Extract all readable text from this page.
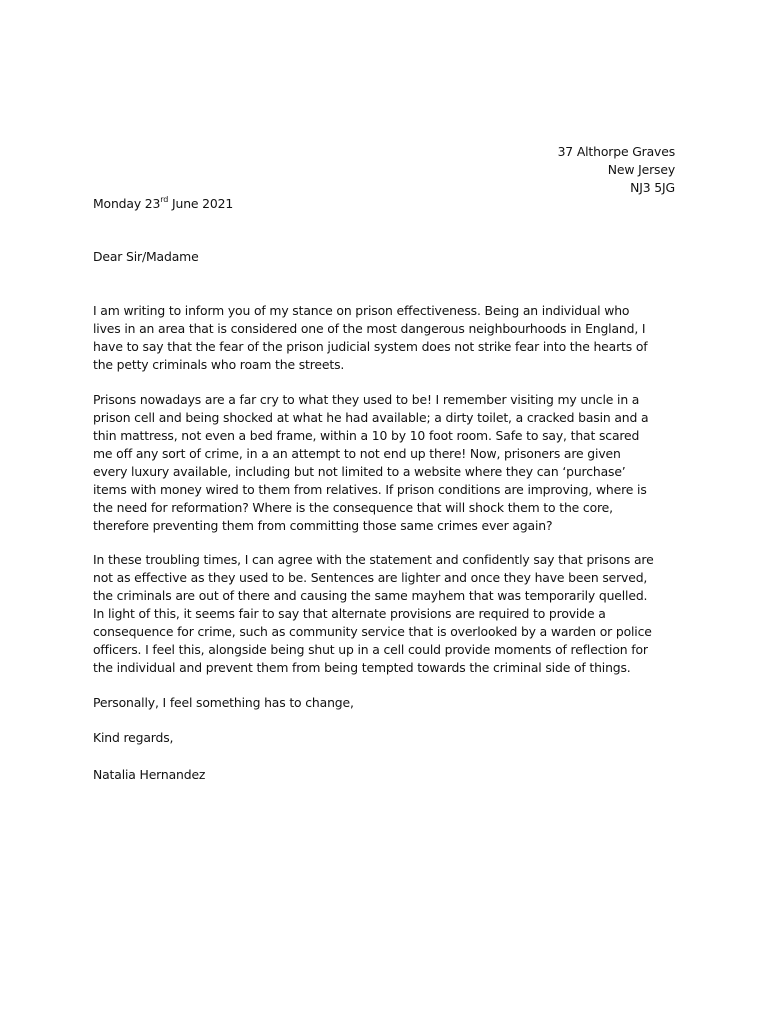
37 Althorpe Graves
New Jersey
NJ3 5JG
Monday 23rd June 2021
Dear Sir/Madame
I am writing to inform you of my stance on prison effectiveness. Being an individual who
lives in an area that is considered one of the most dangerous neighbourhoods in England, I
have to say that the fear of the prison judicial system does not strike fear into the hearts of
the petty criminals who roam the streets.
Prisons nowadays are a far cry to what they used to be! I remember visiting my uncle in a
prison cell and being shocked at what he had available; a dirty toilet, a cracked basin and a
thin mattress, not even a bed frame, within a 10 by 10 foot room. Safe to say, that scared
me off any sort of crime, in a an attempt to not end up there! Now, prisoners are given
every luxury available, including but not limited to a website where they can ‘purchase’
items with money wired to them from relatives. If prison conditions are improving, where is
the need for reformation? Where is the consequence that will shock them to the core,
therefore preventing them from committing those same crimes ever again?
In these troubling times, I can agree with the statement and confidently say that prisons are
not as effective as they used to be. Sentences are lighter and once they have been served,
the criminals are out of there and causing the same mayhem that was temporarily quelled.
In light of this, it seems fair to say that alternate provisions are required to provide a
consequence for crime, such as community service that is overlooked by a warden or police
officers. I feel this, alongside being shut up in a cell could provide moments of reflection for
the individual and prevent them from being tempted towards the criminal side of things.
Personally, I feel something has to change,
Kind regards,
Natalia Hernandez
